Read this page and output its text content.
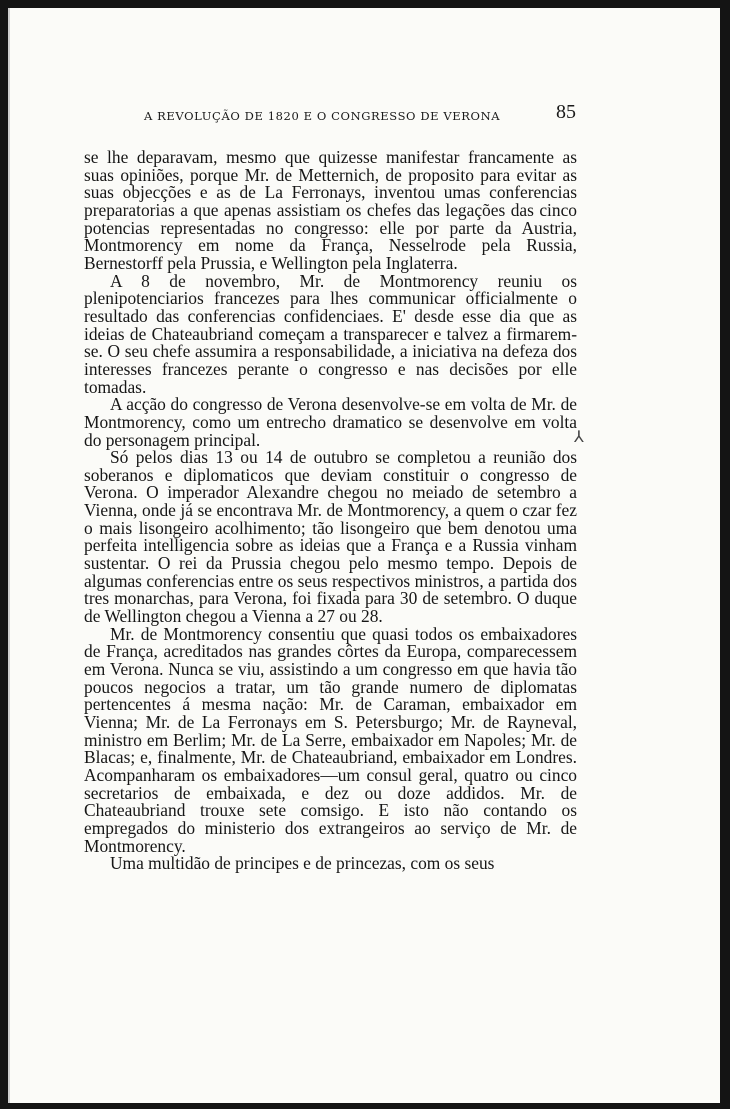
A REVOLUÇÃO DE 1820 E O CONGRESSO DE VERONA	85

se lhe deparavam, mesmo que quizesse manifestar francamente as suas opiniões, porque Mr. de Metternich, de proposito para evitar as suas objecções e as de La Ferronays, inventou umas conferencias preparatorias a que apenas assistiam os chefes das legações das cinco potencias representadas no congresso: elle por parte da Austria, Montmorency em nome da França, Nesselrode pela Russia, Bernestorff pela Prussia, e Wellington pela Inglaterra.

A 8 de novembro, Mr. de Montmorency reuniu os plenipotenciarios francezes para lhes communicar officialmente o resultado das conferencias confidenciaes. E' desde esse dia que as ideias de Chateaubriand começam a transparecer e talvez a firmarem-se. O seu chefe assumira a responsabilidade, a iniciativa na defeza dos interesses francezes perante o congresso e nas decisões por elle tomadas.

A acção do congresso de Verona desenvolve-se em volta de Mr. de Montmorency, como um entrecho dramatico se desenvolve em volta do personagem principal.

Só pelos dias 13 ou 14 de outubro se completou a reunião dos soberanos e diplomaticos que deviam constituir o congresso de Verona. O imperador Alexandre chegou no meiado de setembro a Vienna, onde já se encontrava Mr. de Montmorency, a quem o czar fez o mais lisongeiro acolhimento; tão lisongeiro que bem denotou uma perfeita intelligencia sobre as ideias que a França e a Russia vinham sustentar. O rei da Prussia chegou pelo mesmo tempo. Depois de algumas conferencias entre os seus respectivos ministros, a partida dos tres monarchas, para Verona, foi fixada para 30 de setembro. O duque de Wellington chegou a Vienna a 27 ou 28.

Mr. de Montmorency consentiu que quasi todos os embaixadores de França, acreditados nas grandes côrtes da Europa, comparecessem em Verona. Nunca se viu, assistindo a um congresso em que havia tão poucos negocios a tratar, um tão grande numero de diplomatas pertencentes á mesma nação: Mr. de Caraman, embaixador em Vienna; Mr. de La Ferronays em S. Petersburgo; Mr. de Rayneval, ministro em Berlim; Mr. de La Serre, embaixador em Napoles; Mr. de Blacas; e, finalmente, Mr. de Chateaubriand, embaixador em Londres. Acompanharam os embaixadores—um consul geral, quatro ou cinco secretarios de embaixada, e dez ou doze addidos. Mr. de Chateaubriand trouxe sete comsigo. E isto não contando os empregados do ministerio dos extrangeiros ao serviço de Mr. de Montmorency.

Uma multidão de principes e de princezas, com os seus

⅄
